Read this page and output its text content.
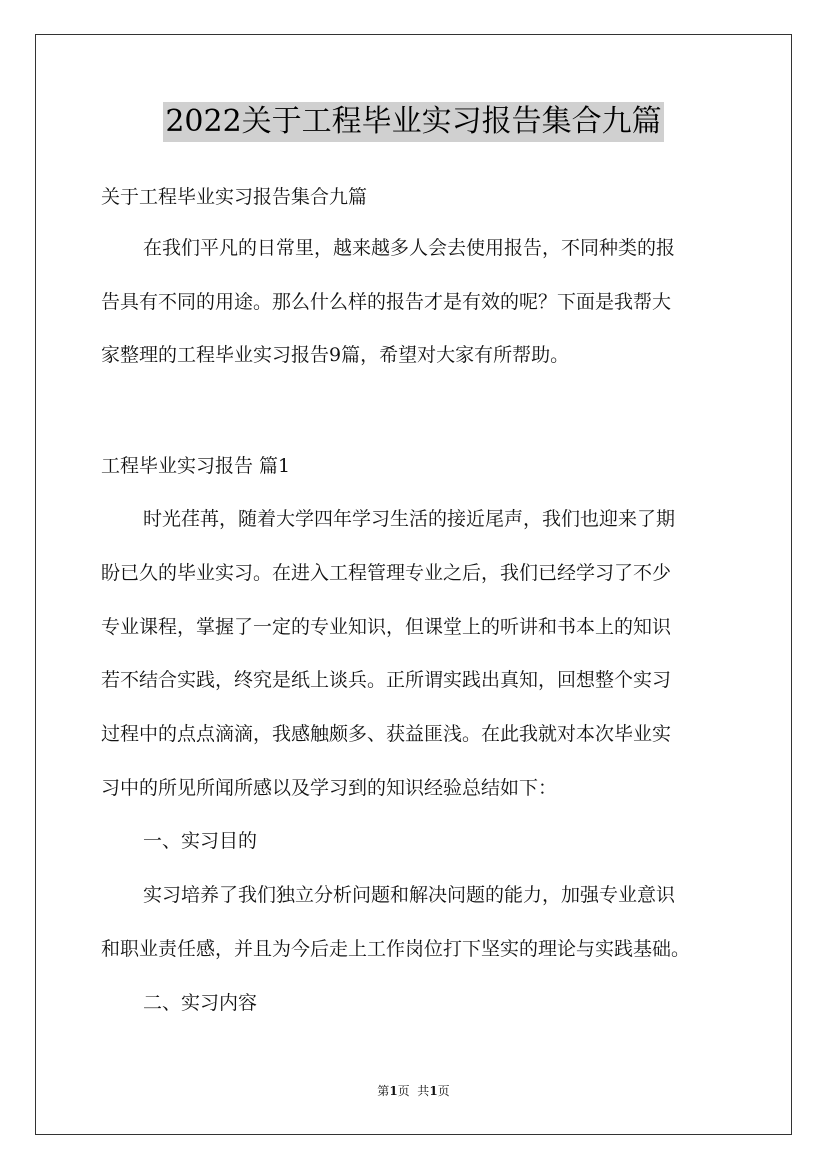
2022关于工程毕业实习报告集合九篇
关于工程毕业实习报告集合九篇
在我们平凡的日常里，越来越多人会去使用报告，不同种类的报
告具有不同的用途。那么什么样的报告才是有效的呢？下面是我帮大
家整理的工程毕业实习报告9篇，希望对大家有所帮助。
工程毕业实习报告 篇1
时光荏苒，随着大学四年学习生活的接近尾声，我们也迎来了期
盼已久的毕业实习。在进入工程管理专业之后，我们已经学习了不少
专业课程，掌握了一定的专业知识，但课堂上的听讲和书本上的知识
若不结合实践，终究是纸上谈兵。正所谓实践出真知，回想整个实习
过程中的点点滴滴，我感触颇多、获益匪浅。在此我就对本次毕业实
习中的所见所闻所感以及学习到的知识经验总结如下：
一、实习目的
实习培养了我们独立分析问题和解决问题的能力，加强专业意识
和职业责任感，并且为今后走上工作岗位打下坚实的理论与实践基础。
二、实习内容
第1页  共1页
